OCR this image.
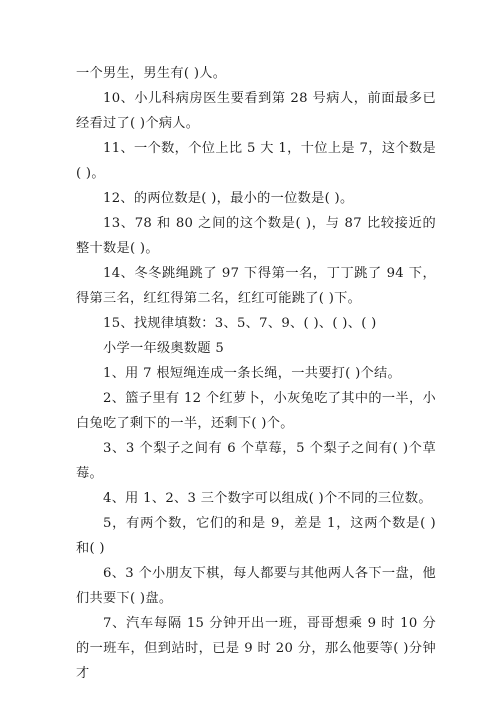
一个男生，男生有( )人。

10、小儿科病房医生要看到第 28 号病人，前面最多已经看过了( )个病人。

11、一个数，个位上比 5 大 1，十位上是 7，这个数是( )。

12、的两位数是( )，最小的一位数是( )。

13、78 和 80 之间的这个数是( )，与 87 比较接近的整十数是( )。

14、冬冬跳绳跳了 97 下得第一名，丁丁跳了 94 下，得第三名，红红得第二名，红红可能跳了( )下。

15、找规律填数：3、5、7、9、( )、( )、( )

小学一年级奥数题 5

1、用 7 根短绳连成一条长绳，一共要打( )个结。

2、篮子里有 12 个红萝卜，小灰兔吃了其中的一半，小白兔吃了剩下的一半，还剩下( )个。

3、3 个梨子之间有 6 个草莓，5 个梨子之间有( )个草莓。

4、用 1、2、3 三个数字可以组成( )个不同的三位数。

5，有两个数，它们的和是 9，差是 1，这两个数是( )和( )

6、3 个小朋友下棋，每人都要与其他两人各下一盘，他们共要下( )盘。

7、汽车每隔 15 分钟开出一班，哥哥想乘 9 时 10 分的一班车，但到站时，已是 9 时 20 分，那么他要等( )分钟才
